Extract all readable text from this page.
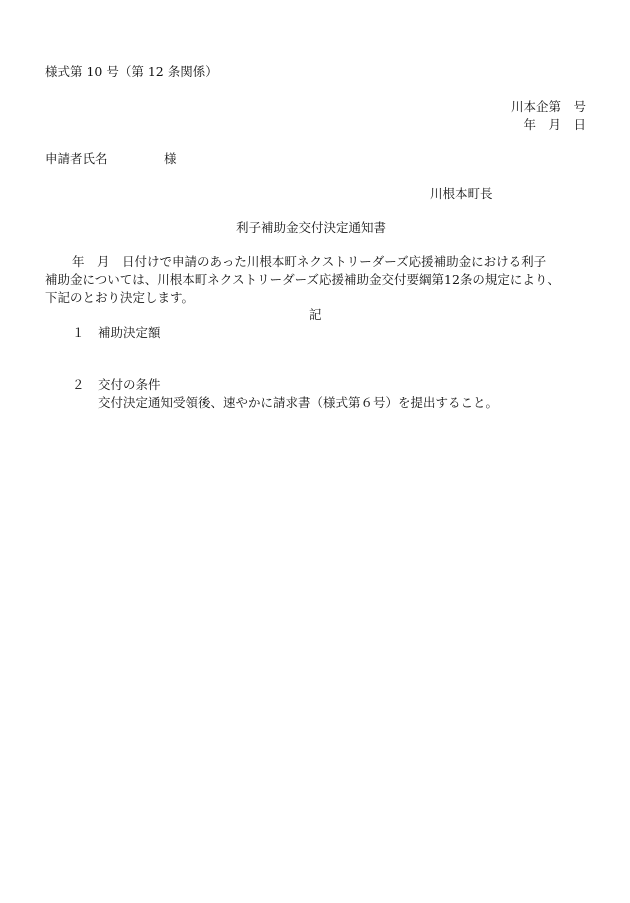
様式第 10 号（第 12 条関係）
川本企第　号
年　月　日
申請者氏名	様
川根本町長
利子補助金交付決定通知書
年　月　日付けで申請のあった川根本町ネクストリーダーズ応援補助金における利子
補助金については、川根本町ネクストリーダーズ応援補助金交付要綱第12条の規定により、
下記のとおり決定します。
記
１ 補助決定額
２ 交付の条件
交付決定通知受領後、速やかに請求書（様式第６号）を提出すること。
